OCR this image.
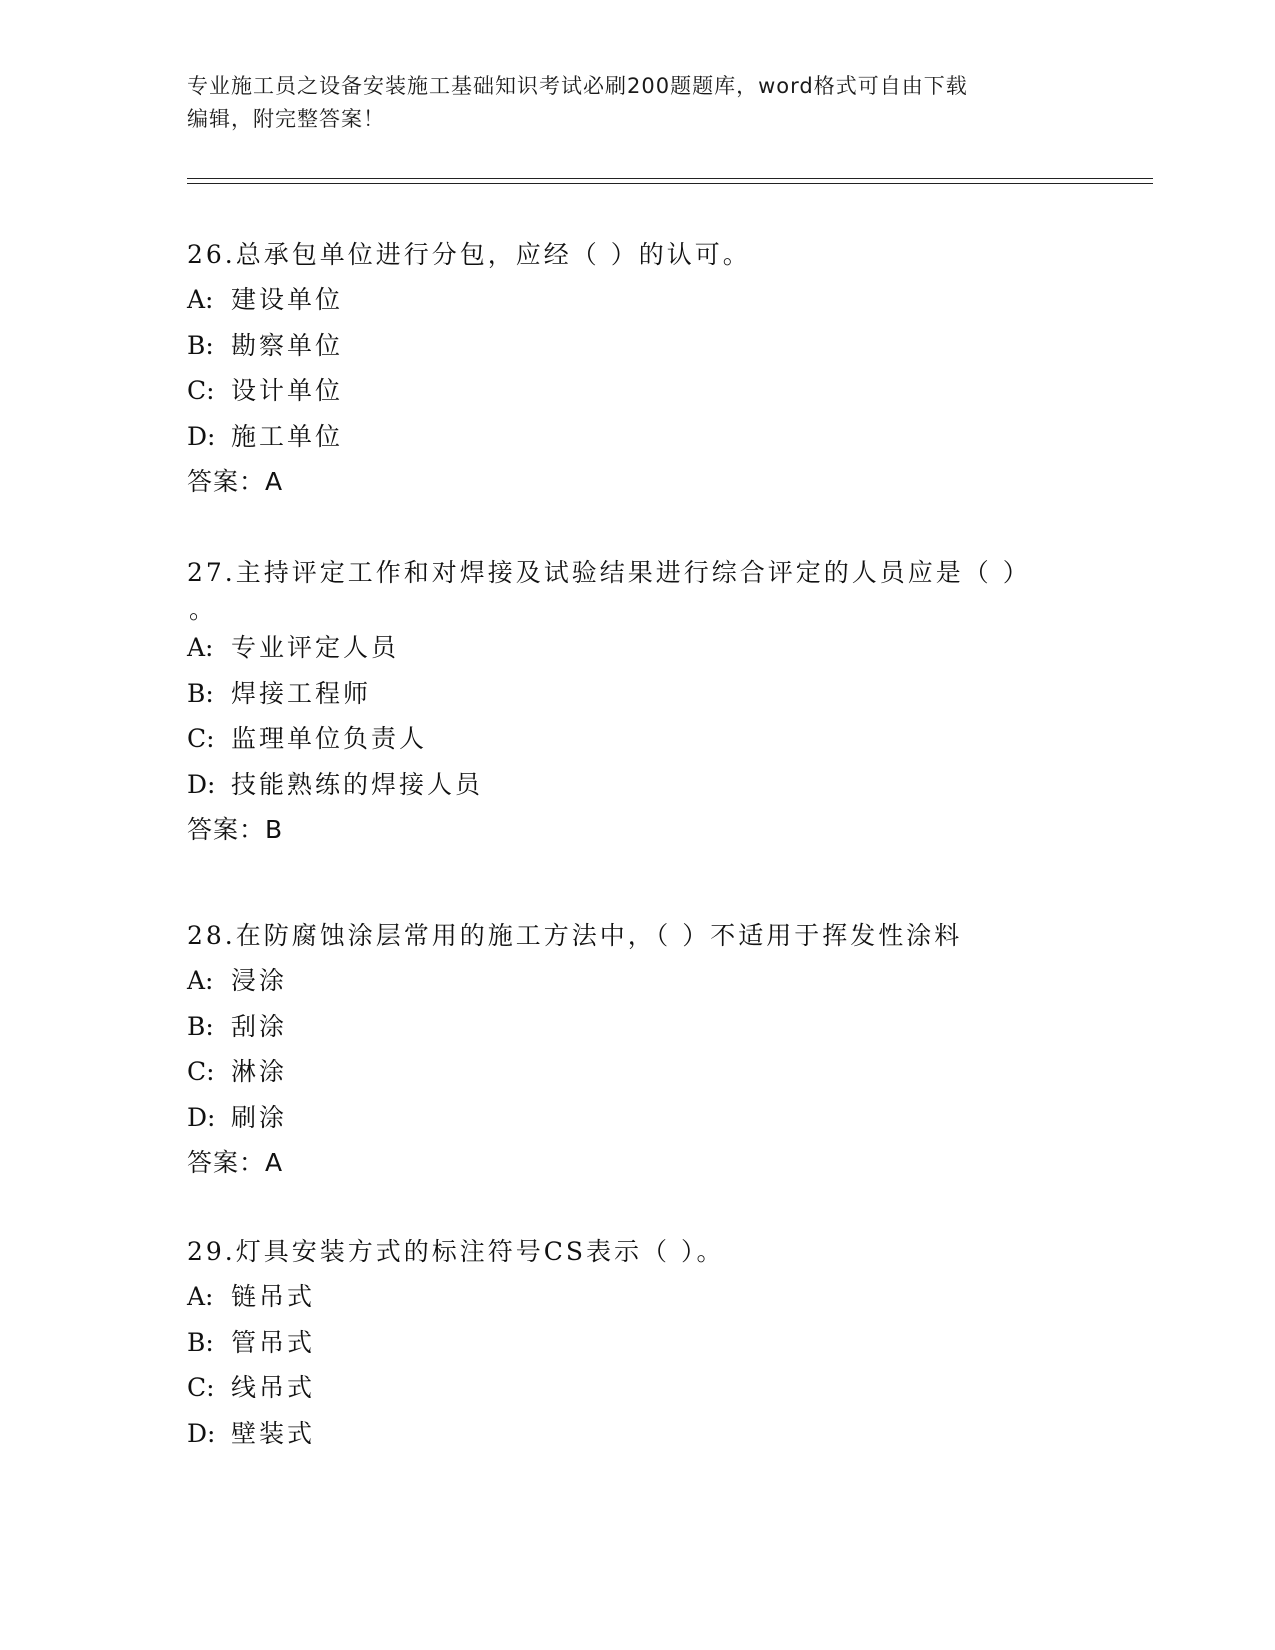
专业施工员之设备安装施工基础知识考试必刷200题题库，word格式可自由下载
编辑，附完整答案！

26.总承包单位进行分包，应经（ ）的认可。

A: 建设单位

B: 勘察单位

C: 设计单位

D: 施工单位

答案：A

27.主持评定工作和对焊接及试验结果进行综合评定的人员应是（ ）

。

A: 专业评定人员

B: 焊接工程师

C: 监理单位负责人

D: 技能熟练的焊接人员

答案：B

28.在防腐蚀涂层常用的施工方法中，（ ）不适用于挥发性涂料

A: 浸涂

B: 刮涂

C: 淋涂

D: 刷涂

答案：A

29.灯具安装方式的标注符号CS表示（ ）。

A: 链吊式

B: 管吊式

C: 线吊式

D: 壁装式
